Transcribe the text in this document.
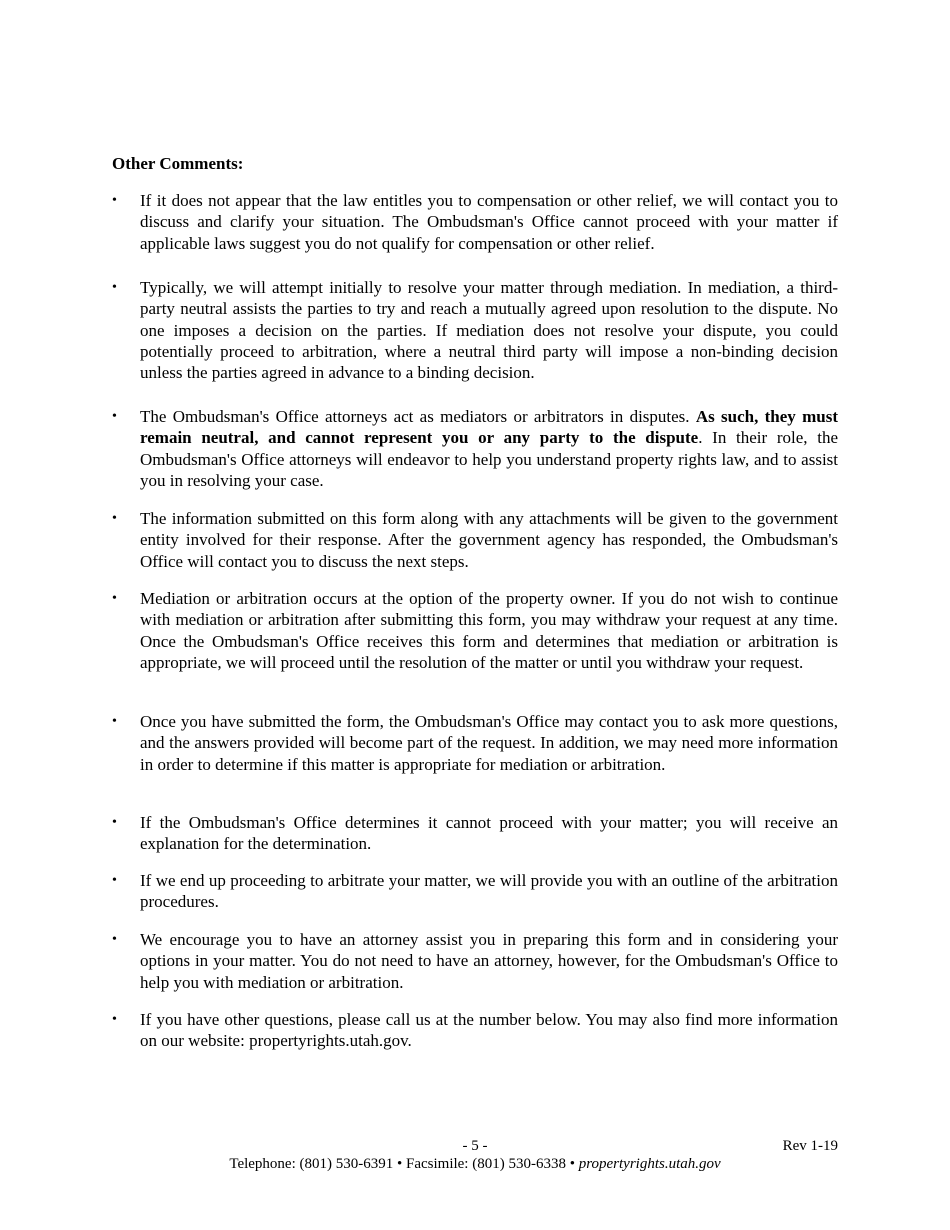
Other Comments:
•	If it does not appear that the law entitles you to compensation or other relief, we will contact you to discuss and clarify your situation. The Ombudsman's Office cannot proceed with your matter if applicable laws suggest you do not qualify for compensation or other relief.
•	Typically, we will attempt initially to resolve your matter through mediation. In mediation, a third-party neutral assists the parties to try and reach a mutually agreed upon resolution to the dispute. No one imposes a decision on the parties. If mediation does not resolve your dispute, you could potentially proceed to arbitration, where a neutral third party will impose a non-binding decision unless the parties agreed in advance to a binding decision.
•	The Ombudsman's Office attorneys act as mediators or arbitrators in disputes. As such, they must remain neutral, and cannot represent you or any party to the dispute. In their role, the Ombudsman's Office attorneys will endeavor to help you understand property rights law, and to assist you in resolving your case.
•	The information submitted on this form along with any attachments will be given to the government entity involved for their response. After the government agency has responded, the Ombudsman's Office will contact you to discuss the next steps.
•	Mediation or arbitration occurs at the option of the property owner. If you do not wish to continue with mediation or arbitration after submitting this form, you may withdraw your request at any time. Once the Ombudsman's Office receives this form and determines that mediation or arbitration is appropriate, we will proceed until the resolution of the matter or until you withdraw your request.
•	Once you have submitted the form, the Ombudsman's Office may contact you to ask more questions, and the answers provided will become part of the request. In addition, we may need more information in order to determine if this matter is appropriate for mediation or arbitration.
•	If the Ombudsman's Office determines it cannot proceed with your matter; you will receive an explanation for the determination.
•	If we end up proceeding to arbitrate your matter, we will provide you with an outline of the arbitration procedures.
•	We encourage you to have an attorney assist you in preparing this form and in considering your options in your matter. You do not need to have an attorney, however, for the Ombudsman's Office to help you with mediation or arbitration.
•	If you have other questions, please call us at the number below. You may also find more information on our website: propertyrights.utah.gov.
- 5 -	Rev 1-19
Telephone: (801) 530-6391 • Facsimile: (801) 530-6338 • propertyrights.utah.gov
